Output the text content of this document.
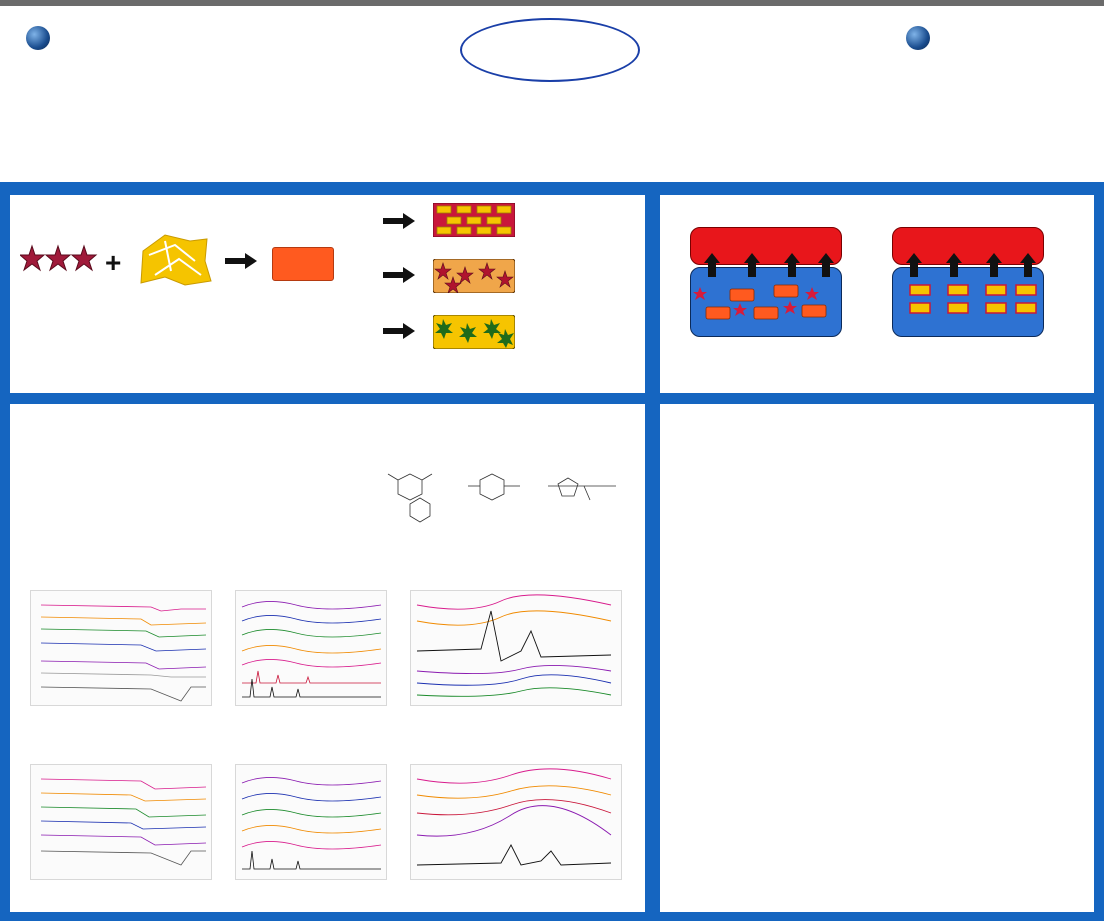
+
